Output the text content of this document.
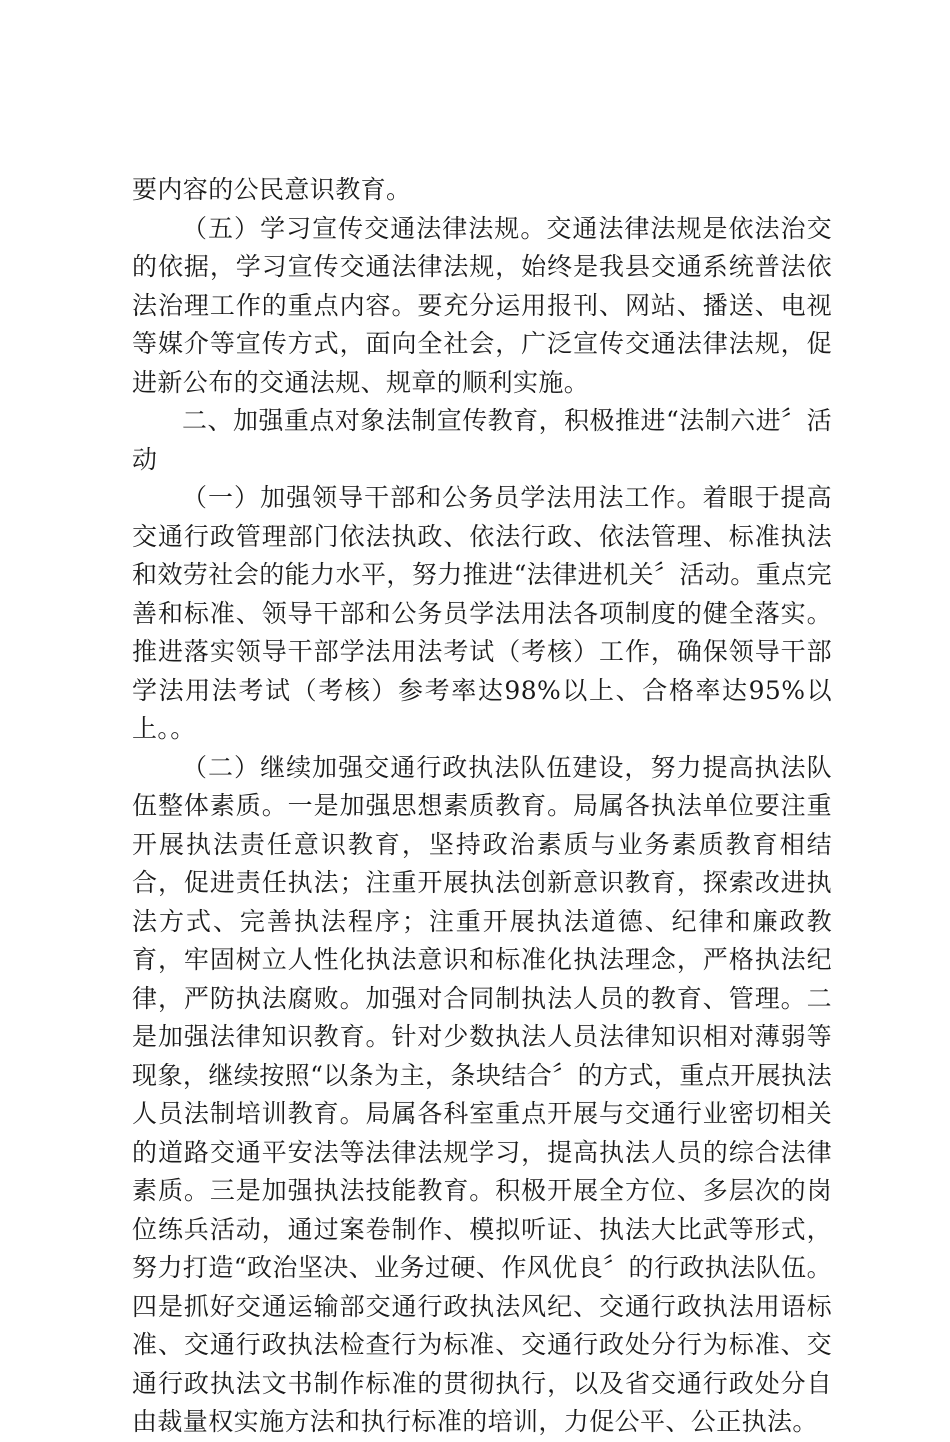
要内容的公民意识教育。

（五）学习宣传交通法律法规。交通法律法规是依法治交的依据，学习宣传交通法律法规，始终是我县交通系统普法依法治理工作的重点内容。要充分运用报刊、网站、播送、电视等媒介等宣传方式，面向全社会，广泛宣传交通法律法规，促进新公布的交通法规、规章的顺利实施。

二、加强重点对象法制宣传教育，积极推进“法制六进〞活动

（一）加强领导干部和公务员学法用法工作。着眼于提高交通行政管理部门依法执政、依法行政、依法管理、标准执法和效劳社会的能力水平，努力推进“法律进机关〞活动。重点完善和标准、领导干部和公务员学法用法各项制度的健全落实。推进落实领导干部学法用法考试（考核）工作，确保领导干部学法用法考试（考核）参考率达98%以上、合格率达95%以上。。

（二）继续加强交通行政执法队伍建设，努力提高执法队伍整体素质。一是加强思想素质教育。局属各执法单位要注重开展执法责任意识教育，坚持政治素质与业务素质教育相结合，促进责任执法；注重开展执法创新意识教育，探索改进执法方式、完善执法程序；注重开展执法道德、纪律和廉政教育，牢固树立人性化执法意识和标准化执法理念，严格执法纪律，严防执法腐败。加强对合同制执法人员的教育、管理。二是加强法律知识教育。针对少数执法人员法律知识相对薄弱等现象，继续按照“以条为主，条块结合〞的方式，重点开展执法人员法制培训教育。局属各科室重点开展与交通行业密切相关的道路交通平安法等法律法规学习，提高执法人员的综合法律素质。三是加强执法技能教育。积极开展全方位、多层次的岗位练兵活动，通过案卷制作、模拟听证、执法大比武等形式，努力打造“政治坚决、业务过硬、作风优良〞的行政执法队伍。四是抓好交通运输部交通行政执法风纪、交通行政执法用语标准、交通行政执法检查行为标准、交通行政处分行为标准、交通行政执法文书制作标准的贯彻执行，以及省交通行政处分自由裁量权实施方法和执行标准的培训，力促公平、公正执法。
